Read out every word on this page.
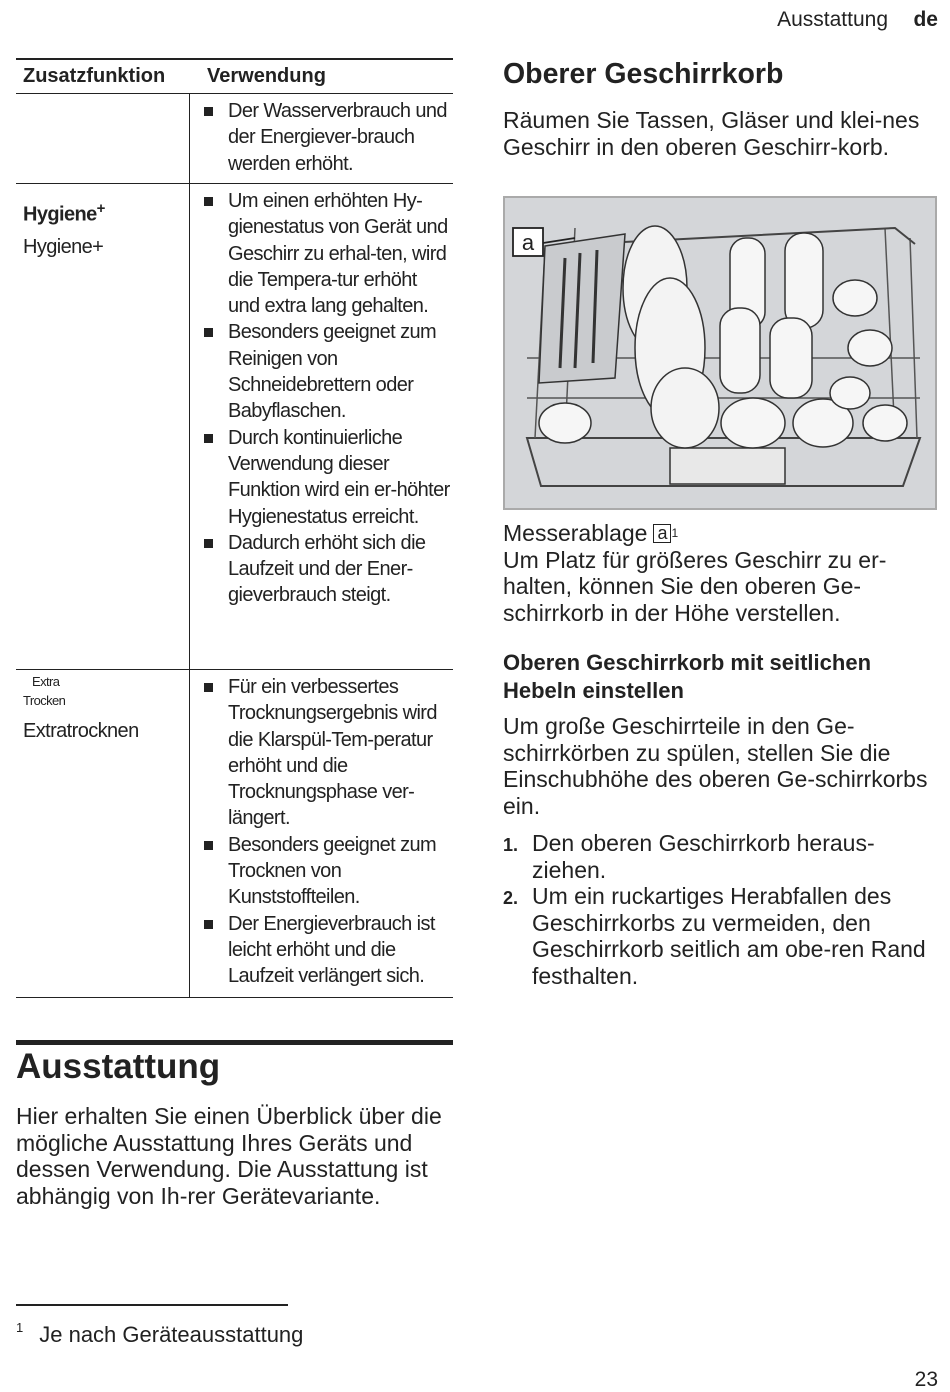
Ausstattung de
Zusatzfunktion	Verwendung
Der Wasserverbrauch und der Energiever-brauch werden erhöht.
Hygiene+
Hygiene+
Um einen erhöhten Hy-gienestatus von Gerät und Geschirr zu erhal-ten, wird die Tempera-tur erhöht und extra lang gehalten.
Besonders geeignet zum Reinigen von Schneidebrettern oder Babyflaschen.
Durch kontinuierliche Verwendung dieser Funktion wird ein er-höhter Hygienestatus erreicht.
Dadurch erhöht sich die Laufzeit und der Ener-gieverbrauch steigt.
Extra
Trocken
Extratrocknen
Für ein verbessertes Trocknungsergebnis wird die Klarspül-Tem-peratur erhöht und die Trocknungsphase ver-längert.
Besonders geeignet zum Trocknen von Kunststoffteilen.
Der Energieverbrauch ist leicht erhöht und die Laufzeit verlängert sich.
Ausstattung
Hier erhalten Sie einen Überblick über die mögliche Ausstattung Ihres Geräts und dessen Verwendung. Die Ausstattung ist abhängig von Ih-rer Gerätevariante.
$^1$ Je nach Geräteausstattung
23
Oberer Geschirrkorb
Räumen Sie Tassen, Gläser und klei-nes Geschirr in den oberen Geschirr-korb.
a
Messerablage a $^1$
Um Platz für größeres Geschirr zu er-halten, können Sie den oberen Ge-schirrkorb in der Höhe verstellen.
Oberen Geschirrkorb mit seitlichen Hebeln einstellen
Um große Geschirrteile in den Ge-schirrkörben zu spülen, stellen Sie die Einschubhöhe des oberen Ge-schirrkorbs ein.
1. Den oberen Geschirrkorb heraus-ziehen.
2. Um ein ruckartiges Herabfallen des Geschirrkorbs zu vermeiden, den Geschirrkorb seitlich am obe-ren Rand festhalten.
